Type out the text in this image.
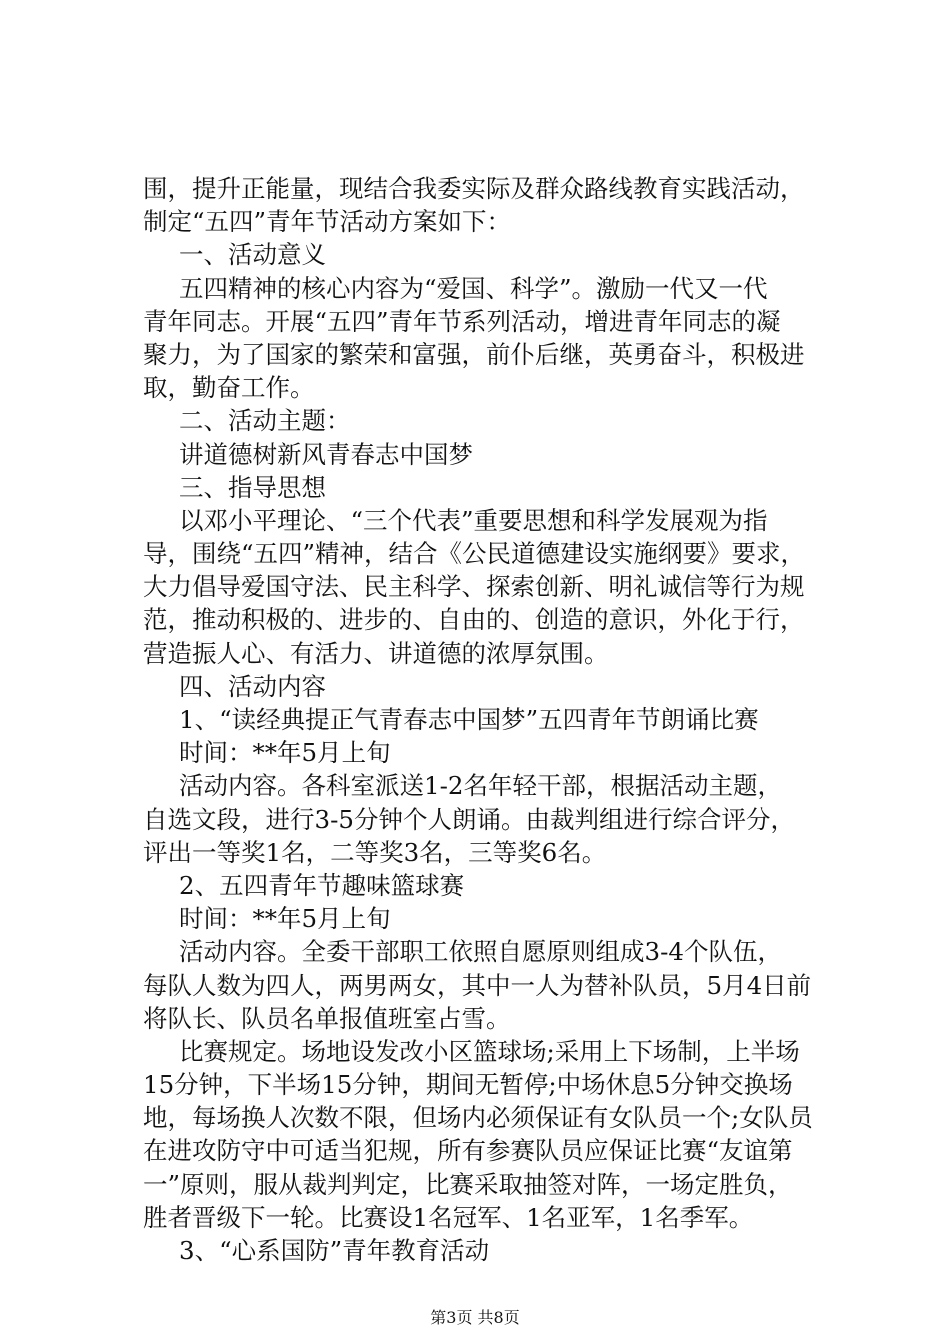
围，提升正能量，现结合我委实际及群众路线教育实践活动，
制定“五四”青年节活动方案如下：
一、活动意义
五四精神的核心内容为“爱国、科学”。激励一代又一代
青年同志。开展“五四”青年节系列活动，增进青年同志的凝
聚力，为了国家的繁荣和富强，前仆后继，英勇奋斗，积极进
取，勤奋工作。
二、活动主题：
讲道德树新风青春志中国梦
三、指导思想
以邓小平理论、“三个代表”重要思想和科学发展观为指
导，围绕“五四”精神，结合《公民道德建设实施纲要》要求，
大力倡导爱国守法、民主科学、探索创新、明礼诚信等行为规
范，推动积极的、进步的、自由的、创造的意识，外化于行，
营造振人心、有活力、讲道德的浓厚氛围。
四、活动内容
1、“读经典提正气青春志中国梦”五四青年节朗诵比赛
时间：**年5月上旬
活动内容。各科室派送1-2名年轻干部，根据活动主题，
自选文段，进行3-5分钟个人朗诵。由裁判组进行综合评分，
评出一等奖1名，二等奖3名，三等奖6名。
2、五四青年节趣味篮球赛
时间：**年5月上旬
活动内容。全委干部职工依照自愿原则组成3-4个队伍，
每队人数为四人，两男两女，其中一人为替补队员，5月4日前
将队长、队员名单报值班室占雪。
比赛规定。场地设发改小区篮球场;采用上下场制，上半场
15分钟，下半场15分钟，期间无暂停;中场休息5分钟交换场
地，每场换人次数不限，但场内必须保证有女队员一个;女队员
在进攻防守中可适当犯规，所有参赛队员应保证比赛“友谊第
一”原则，服从裁判判定，比赛采取抽签对阵，一场定胜负，
胜者晋级下一轮。比赛设1名冠军、1名亚军，1名季军。
3、“心系国防”青年教育活动
第3页 共8页
